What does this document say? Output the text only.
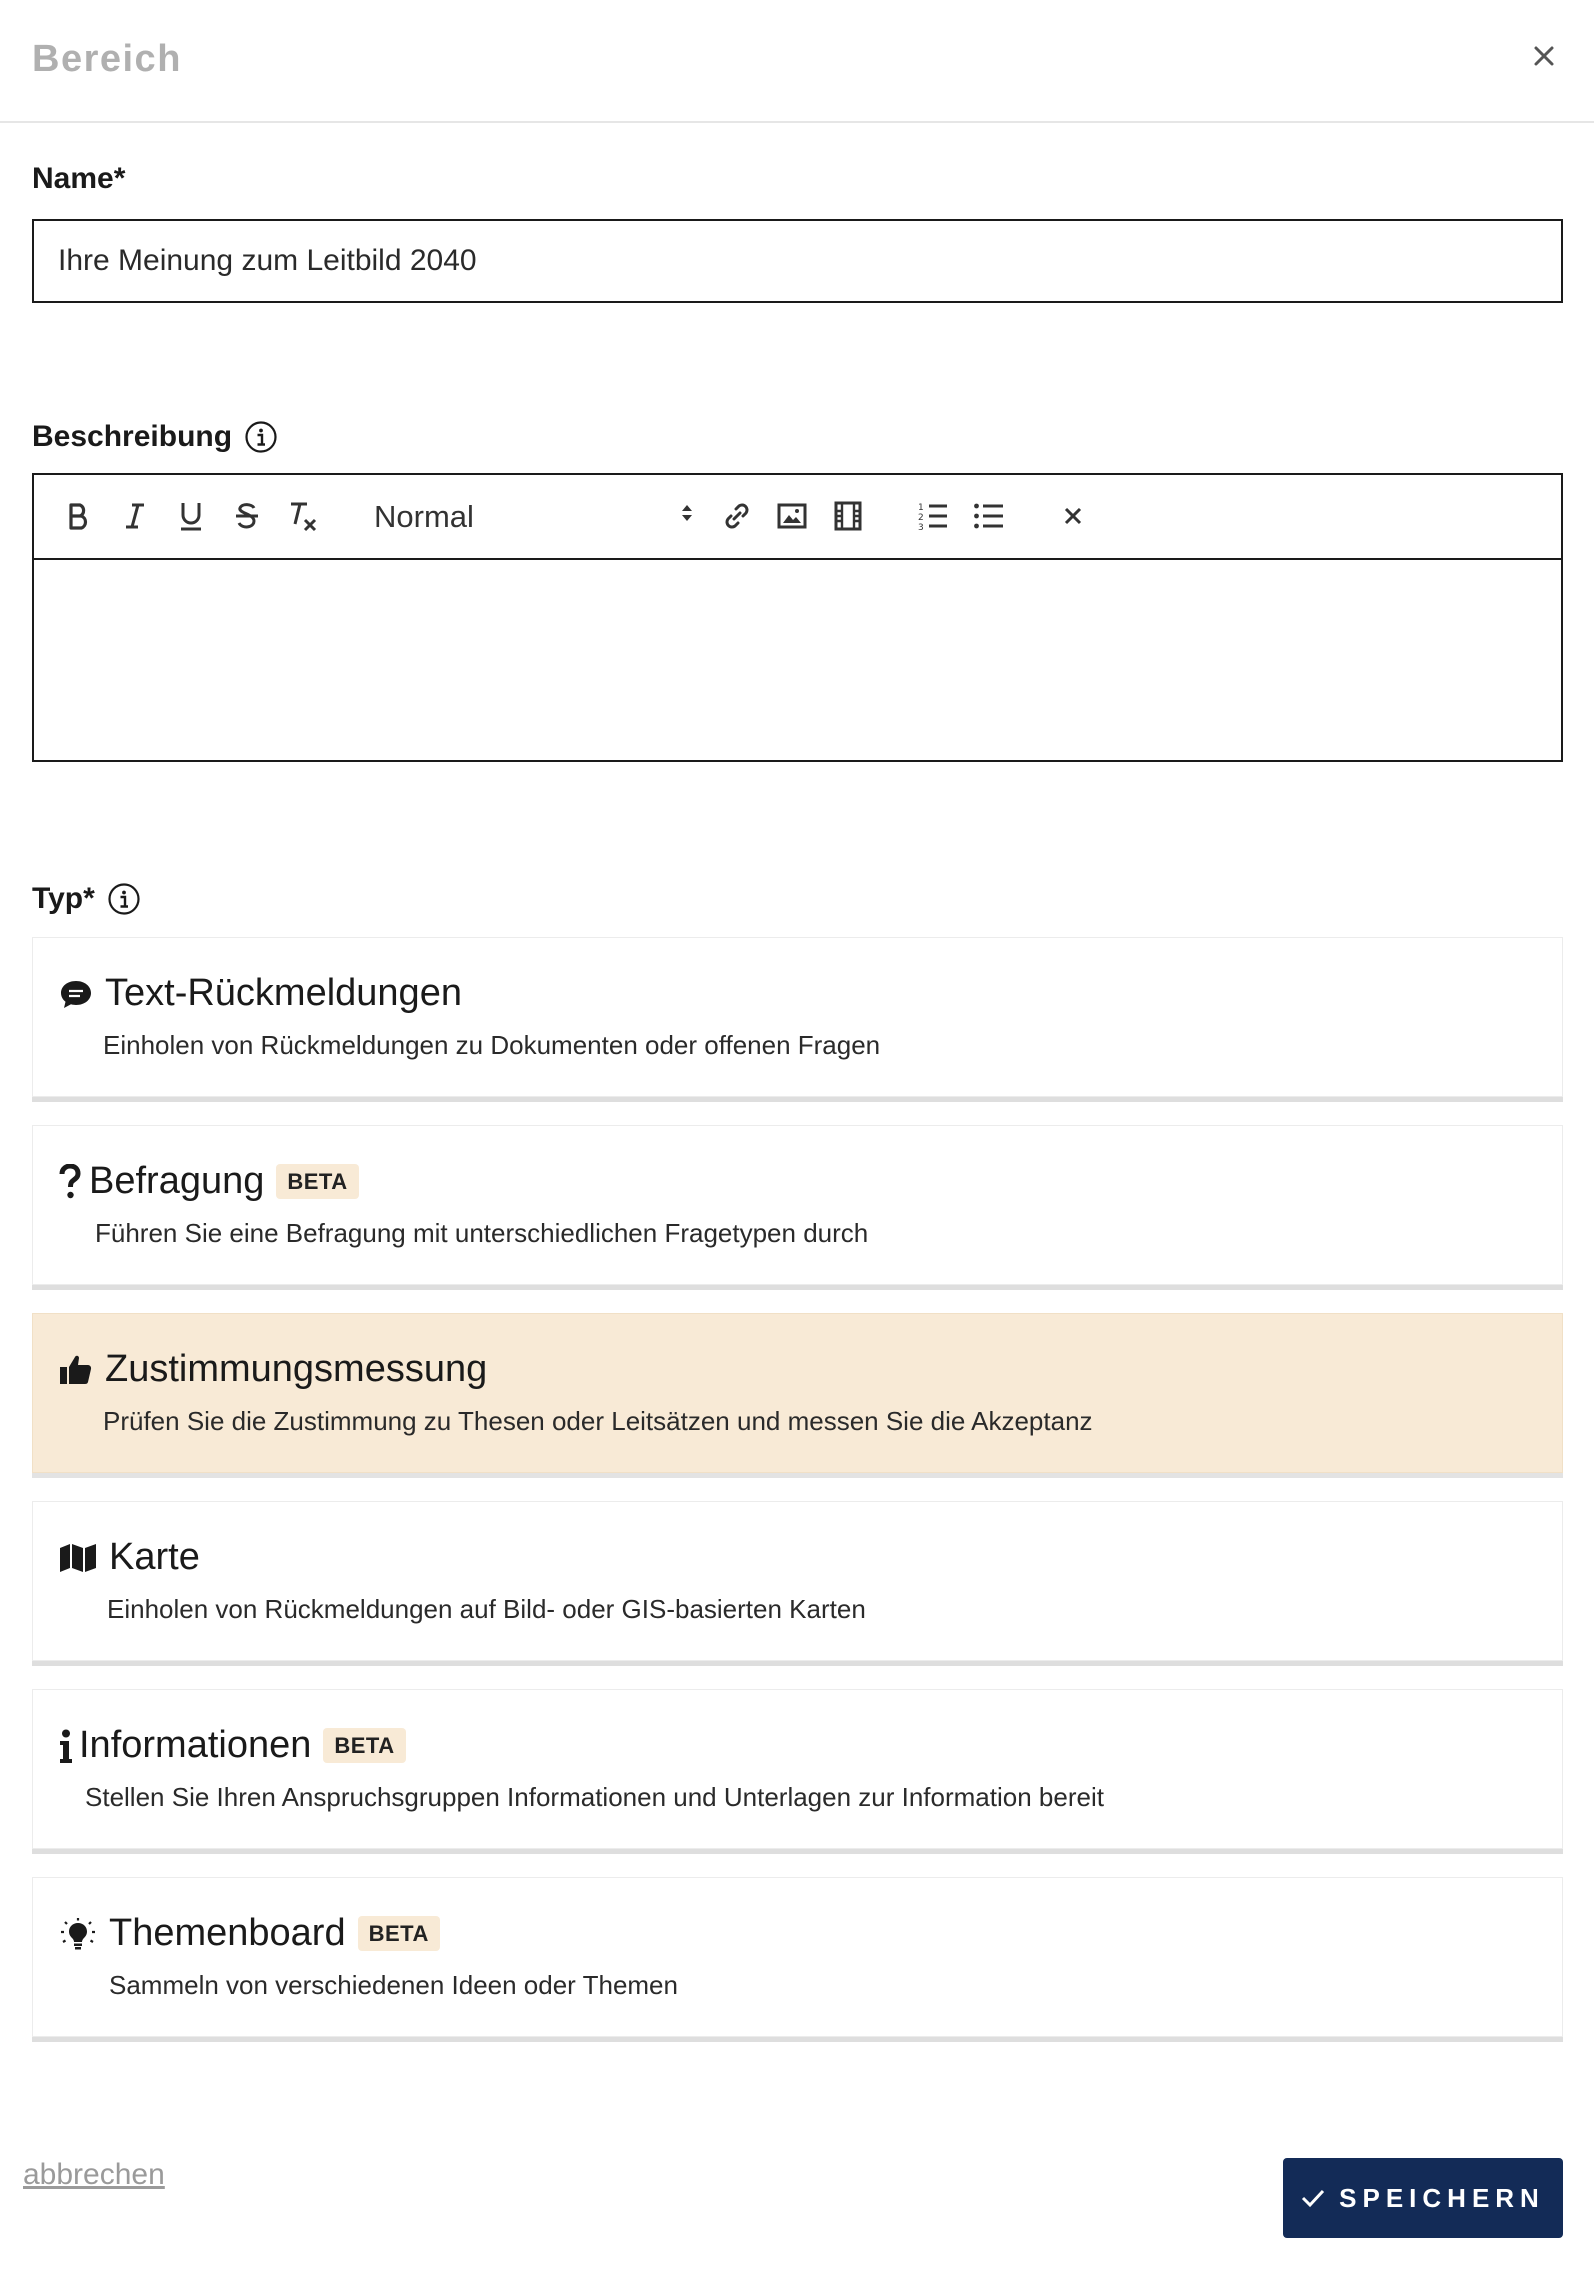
Bereich
Name*
Ihre Meinung zum Leitbild 2040
Beschreibung
Normal	1
2
3
Typ*
Text-Rückmeldungen
Einholen von Rückmeldungen zu Dokumenten oder offenen Fragen
Befragung	BETA
Führen Sie eine Befragung mit unterschiedlichen Fragetypen durch
Zustimmungsmessung
Prüfen Sie die Zustimmung zu Thesen oder Leitsätzen und messen Sie die Akzeptanz
Karte
Einholen von Rückmeldungen auf Bild- oder GIS-basierten Karten
Informationen	BETA
Stellen Sie Ihren Anspruchsgruppen Informationen und Unterlagen zur Information bereit
Themenboard	BETA
Sammeln von verschiedenen Ideen oder Themen
abbrechen
SPEICHERN
